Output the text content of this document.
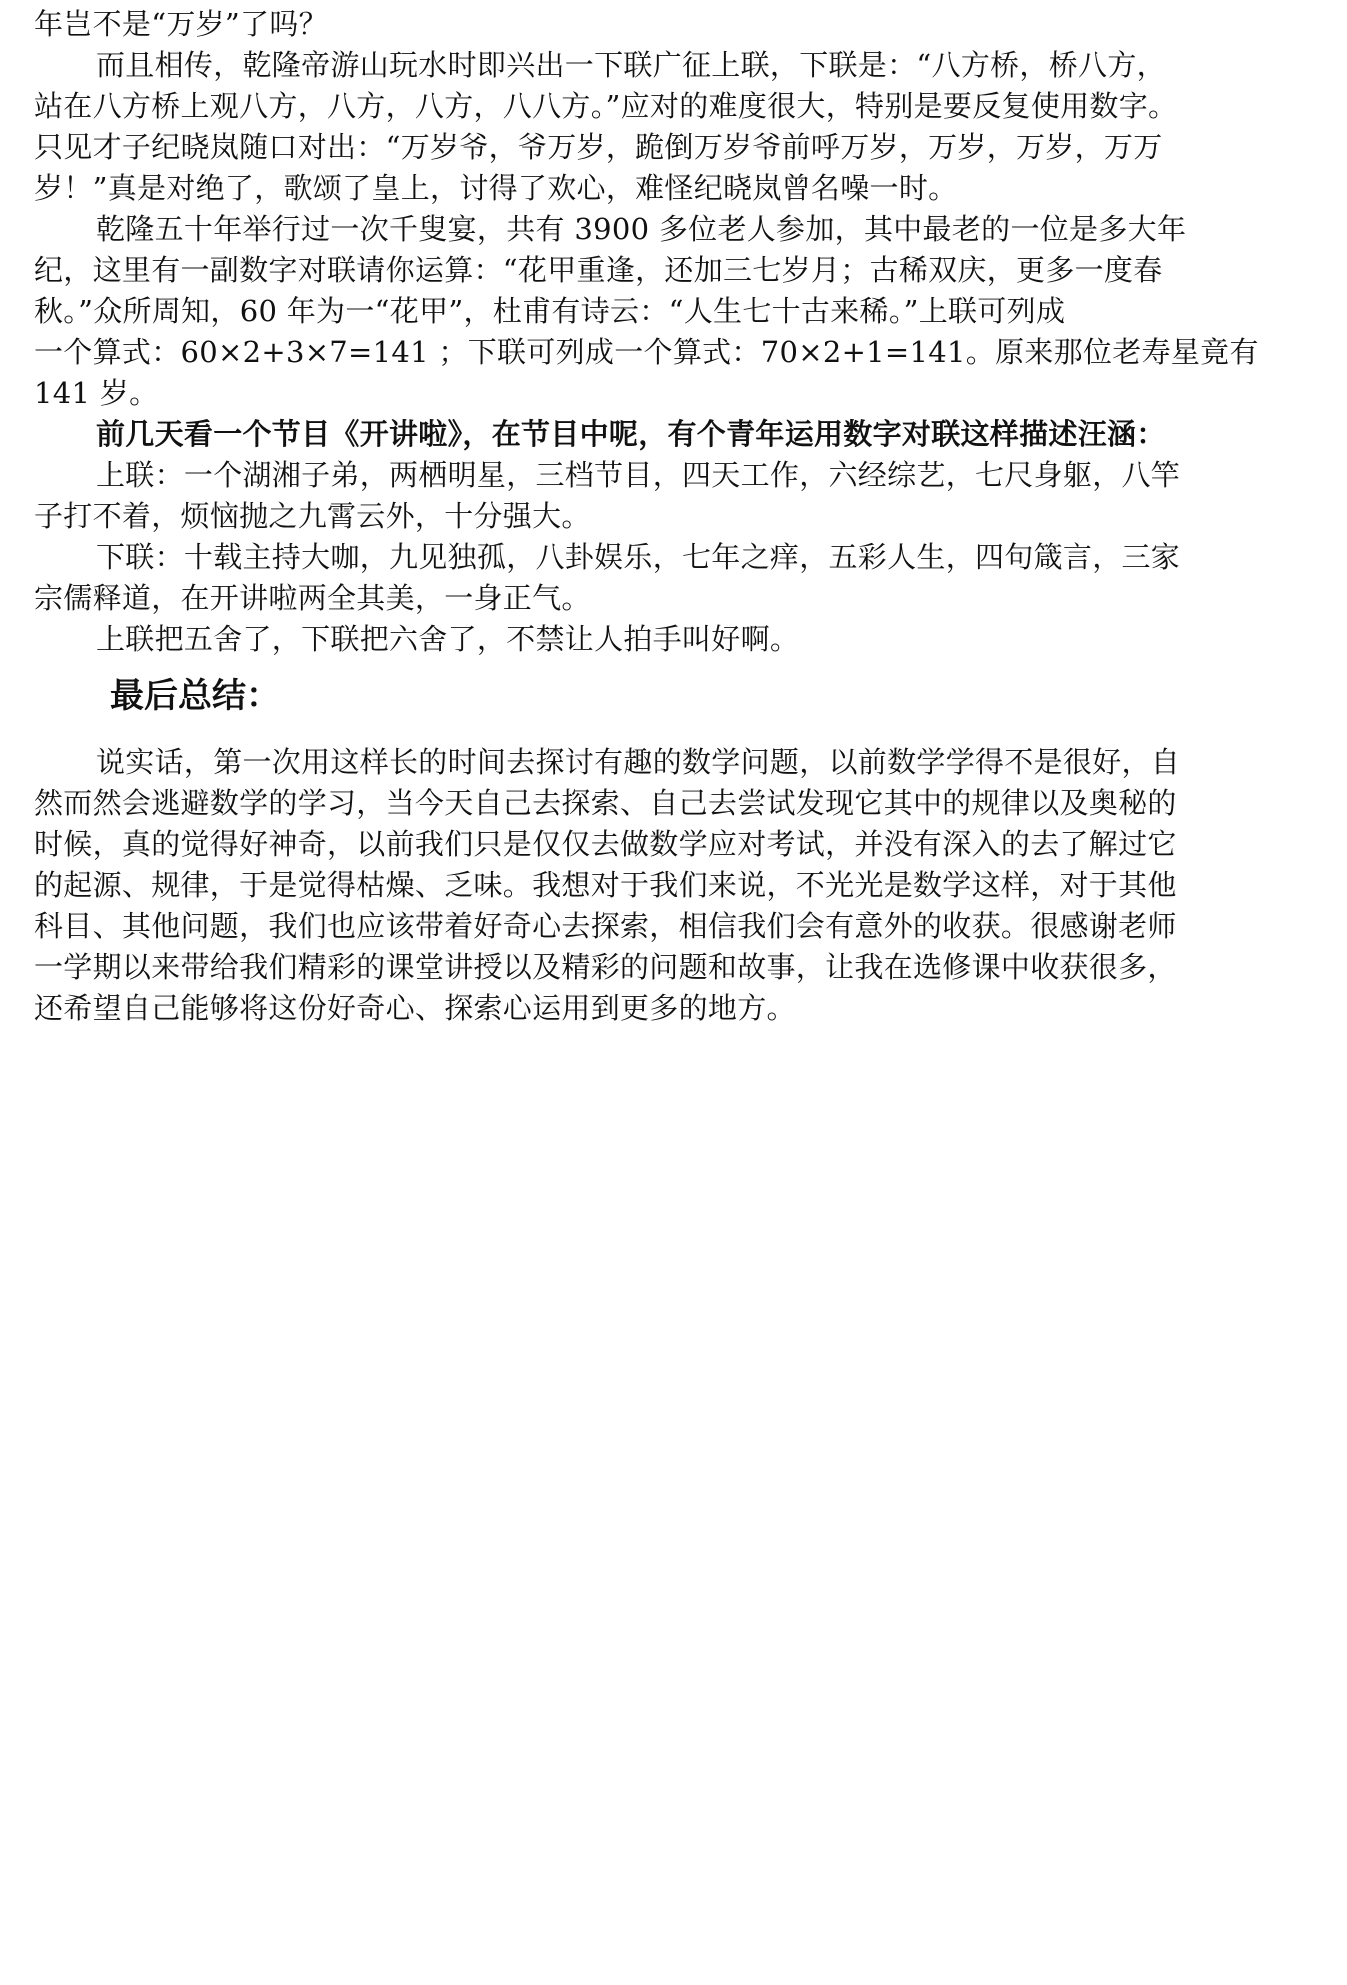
年岂不是“万岁”了吗？
而且相传，乾隆帝游山玩水时即兴出一下联广征上联，下联是：“八方桥，桥八方，
站在八方桥上观八方，八方，八方，八八方。”应对的难度很大，特别是要反复使用数字。
只见才子纪晓岚随口对出：“万岁爷，爷万岁，跪倒万岁爷前呼万岁，万岁，万岁，万万
岁！”真是对绝了，歌颂了皇上，讨得了欢心，难怪纪晓岚曾名噪一时。
乾隆五十年举行过一次千叟宴，共有 3900 多位老人参加，其中最老的一位是多大年
纪，这里有一副数字对联请你运算：“花甲重逢，还加三七岁月；古稀双庆，更多一度春
秋。”众所周知，60 年为一“花甲”，杜甫有诗云：“人生七十古来稀。”上联可列成
一个算式：60×2+3×7=141 ；下联可列成一个算式：70×2+1=141。原来那位老寿星竟有
141 岁。
前几天看一个节目《开讲啦》，在节目中呢，有个青年运用数字对联这样描述汪涵：
上联：一个湖湘子弟，两栖明星，三档节目，四天工作，六经综艺，七尺身躯，八竿
子打不着，烦恼抛之九霄云外，十分强大。
下联：十载主持大咖，九见独孤，八卦娱乐，七年之痒，五彩人生，四句箴言，三家
宗儒释道，在开讲啦两全其美，一身正气。
上联把五舍了，下联把六舍了，不禁让人拍手叫好啊。
最后总结：
说实话，第一次用这样长的时间去探讨有趣的数学问题，以前数学学得不是很好，自
然而然会逃避数学的学习，当今天自己去探索、自己去尝试发现它其中的规律以及奥秘的
时候，真的觉得好神奇，以前我们只是仅仅去做数学应对考试，并没有深入的去了解过它
的起源、规律，于是觉得枯燥、乏味。我想对于我们来说，不光光是数学这样，对于其他
科目、其他问题，我们也应该带着好奇心去探索，相信我们会有意外的收获。很感谢老师
一学期以来带给我们精彩的课堂讲授以及精彩的问题和故事，让我在选修课中收获很多，
还希望自己能够将这份好奇心、探索心运用到更多的地方。
